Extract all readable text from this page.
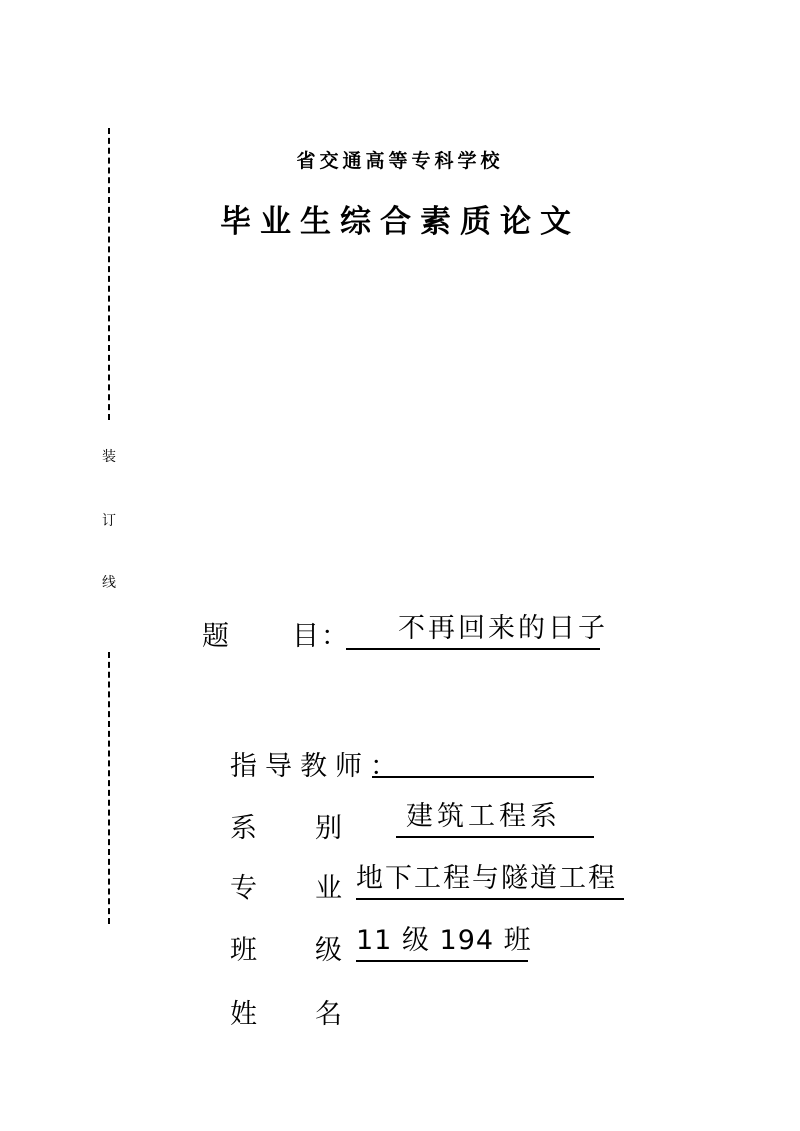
装
订
线
省交通高等专科学校
毕业生综合素质论文
题 目：	不再回来的日子
指导教师：
系 别	建筑工程系
专 业 地下工程与隧道工程
班 级 11 级 194 班
姓 名
